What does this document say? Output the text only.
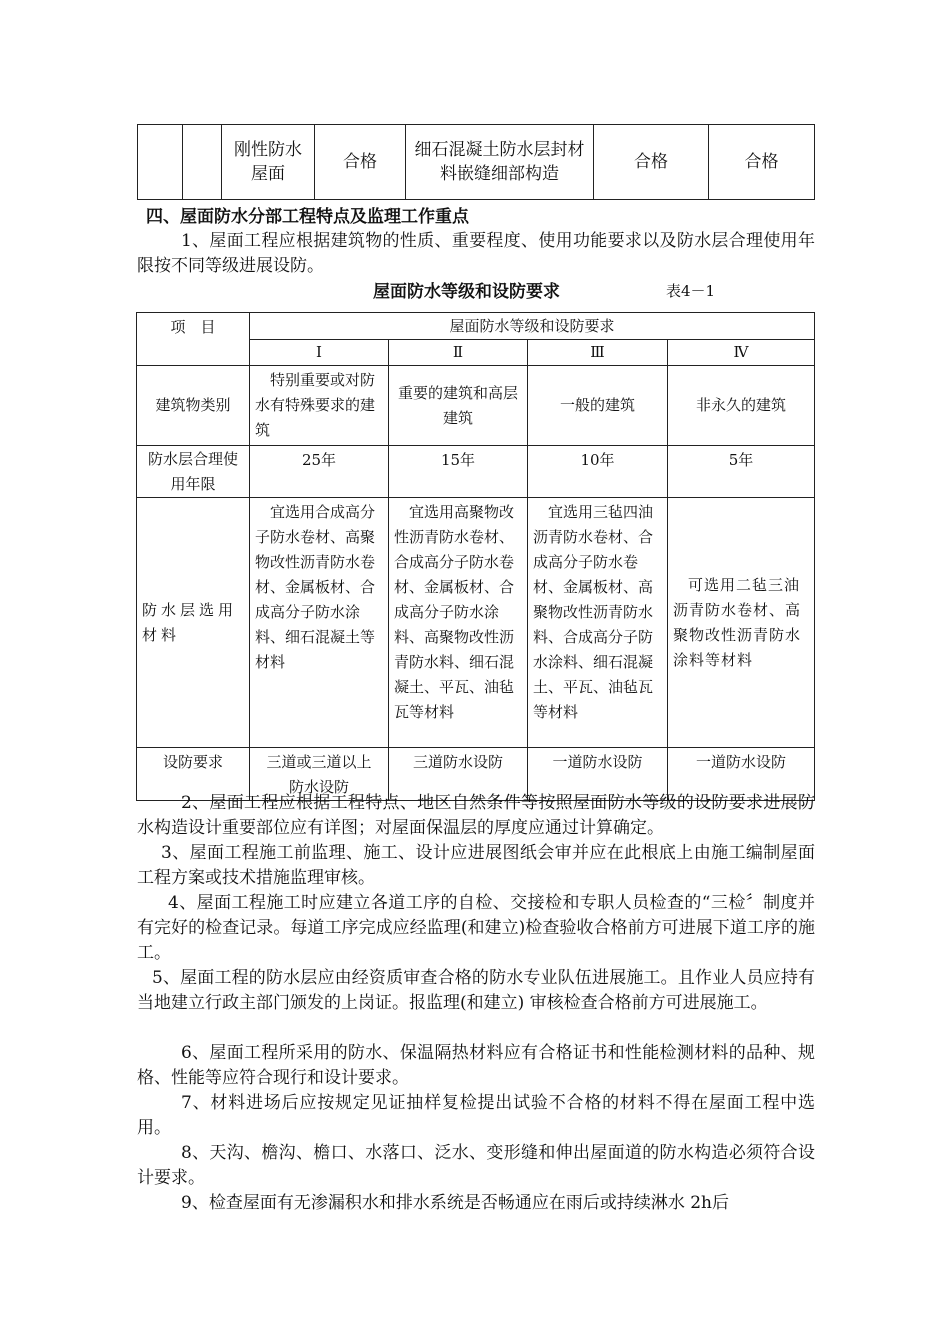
		刚性防水屋面	合格	细石混凝土防水层封材料嵌缝细部构造	合格	合格
四、屋面防水分部工程特点及监理工作重点
1、屋面工程应根据建筑物的性质、重要程度、使用功能要求以及防水层合理使用年限按不同等级进展设防。
屋面防水等级和设防要求	表4－1
项　目	屋面防水等级和设防要求			
	Ⅰ	Ⅱ	Ⅲ	Ⅳ
建筑物类别	特别重要或对防水有特殊要求的建筑	重要的建筑和高层建筑	一般的建筑	非永久的建筑
防水层合理使用年限	25年	15年	10年	5年
防水层选用材料	宜选用合成高分子防水卷材、高聚物改性沥青防水卷材、金属板材、合成高分子防水涂料、细石混凝土等材料	宜选用高聚物改性沥青防水卷材、合成高分子防水卷材、金属板材、合成高分子防水涂料、高聚物改性沥青防水料、细石混凝土、平瓦、油毡瓦等材料	宜选用三毡四油沥青防水卷材、合成高分子防水卷材、金属板材、高聚物改性沥青防水料、合成高分子防水涂料、细石混凝土、平瓦、油毡瓦等材料	可选用二毡三油沥青防水卷材、高聚物改性沥青防水涂料等材料
设防要求	三道或三道以上防水设防	三道防水设防	一道防水设防	一道防水设防
2、屋面工程应根据工程特点、地区自然条件等按照屋面防水等级的设防要求进展防水构造设计重要部位应有详图；对屋面保温层的厚度应通过计算确定。
3、屋面工程施工前监理、施工、设计应进展图纸会审并应在此根底上由施工编制屋面工程方案或技术措施监理审核。
4、屋面工程施工时应建立各道工序的自检、交接检和专职人员检查的“三检〞制度并有完好的检查记录。每道工序完成应经监理(和建立)检查验收合格前方可进展下道工序的施工。
5、屋面工程的防水层应由经资质审查合格的防水专业队伍进展施工。且作业人员应持有当地建立行政主部门颁发的上岗证。报监理(和建立) 审核检查合格前方可进展施工。
6、屋面工程所采用的防水、保温隔热材料应有合格证书和性能检测材料的品种、规格、性能等应符合现行和设计要求。
7、材料进场后应按规定见证抽样复检提出试验不合格的材料不得在屋面工程中选用。
8、天沟、檐沟、檐口、水落口、泛水、变形缝和伸出屋面道的防水构造必须符合设计要求。
9、检查屋面有无渗漏积水和排水系统是否畅通应在雨后或持续淋水 2h后
